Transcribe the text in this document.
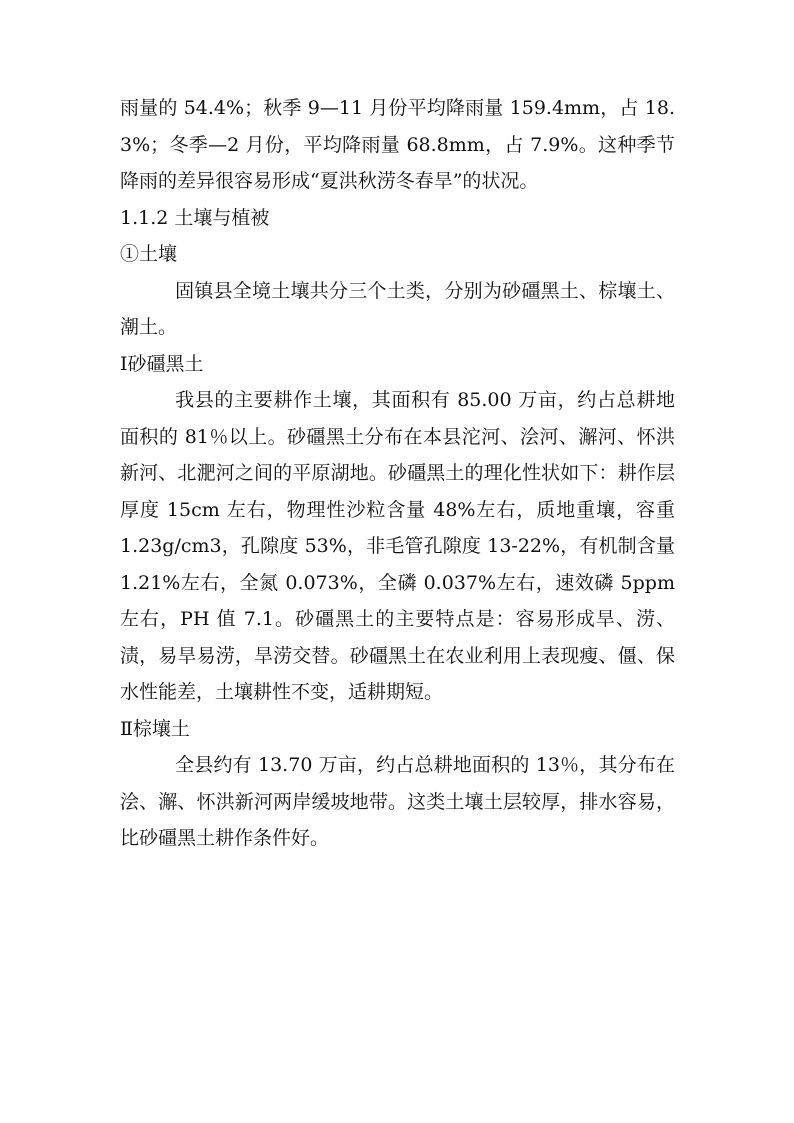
雨量的 54.4%；秋季 9—11 月份平均降雨量 159.4mm，占 18.3%；冬季—2 月份，平均降雨量 68.8mm，占 7.9%。这种季节降雨的差异很容易形成“夏洪秋涝冬春旱”的状况。

1.1.2 土壤与植被

①土壤

固镇县全境土壤共分三个土类，分别为砂礓黑土、棕壤土、潮土。

Ⅰ砂礓黑土

我县的主要耕作土壤，其面积有 85.00 万亩，约占总耕地面积的 81％以上。砂礓黑土分布在本县沱河、浍河、澥河、怀洪新河、北淝河之间的平原湖地。砂礓黑土的理化性状如下：耕作层厚度 15cm 左右，物理性沙粒含量 48%左右，质地重壤，容重 1.23g/cm3，孔隙度 53%，非毛管孔隙度 13-22%，有机制含量 1.21%左右，全氮 0.073%，全磷 0.037%左右，速效磷 5ppm 左右，PH 值 7.1。砂礓黑土的主要特点是：容易形成旱、涝、渍，易旱易涝，旱涝交替。砂礓黑土在农业利用上表现瘦、僵、保水性能差，土壤耕性不变，适耕期短。

Ⅱ棕壤土

全县约有 13.70 万亩，约占总耕地面积的 13％，其分布在浍、澥、怀洪新河两岸缓坡地带。这类土壤土层较厚，排水容易，比砂礓黑土耕作条件好。
